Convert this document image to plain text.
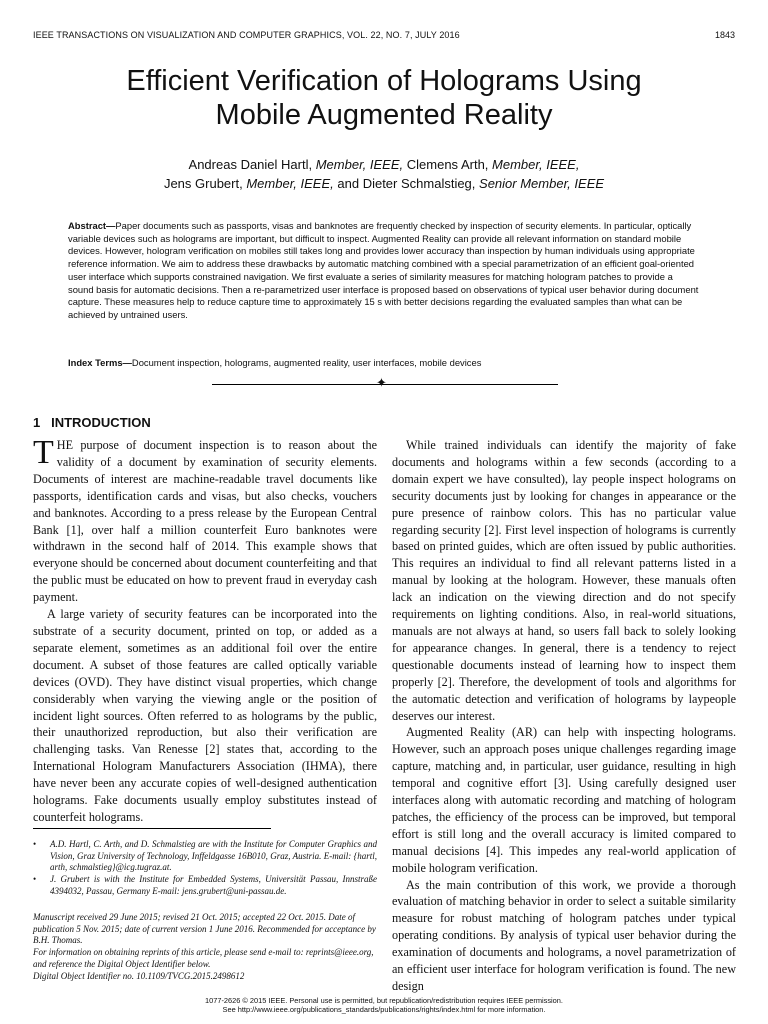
IEEE TRANSACTIONS ON VISUALIZATION AND COMPUTER GRAPHICS, VOL. 22, NO. 7, JULY 2016	1843
Efficient Verification of Holograms Using
Mobile Augmented Reality
Andreas Daniel Hartl, Member, IEEE, Clemens Arth, Member, IEEE,
Jens Grubert, Member, IEEE, and Dieter Schmalstieg, Senior Member, IEEE
Abstract—Paper documents such as passports, visas and banknotes are frequently checked by inspection of security elements. In particular, optically variable devices such as holograms are important, but difficult to inspect. Augmented Reality can provide all relevant information on standard mobile devices. However, hologram verification on mobiles still takes long and provides lower accuracy than inspection by human individuals using appropriate reference information. We aim to address these drawbacks by automatic matching combined with a special parametrization of an efficient goal-oriented user interface which supports constrained navigation. We first evaluate a series of similarity measures for matching hologram patches to provide a sound basis for automatic decisions. Then a re-parametrized user interface is proposed based on observations of typical user behavior during document capture. These measures help to reduce capture time to approximately 15 s with better decisions regarding the evaluated samples than what can be achieved by untrained users.
Index Terms—Document inspection, holograms, augmented reality, user interfaces, mobile devices
✦
1 INTRODUCTION

THE purpose of document inspection is to reason about the validity of a document by examination of security elements. Documents of interest are machine-readable travel documents like passports, identification cards and visas, but also checks, vouchers and banknotes. According to a press release by the European Central Bank [1], over half a million counterfeit Euro banknotes were withdrawn in the second half of 2014. This example shows that everyone should be concerned about document counterfeiting and that the public must be educated on how to prevent fraud in everyday cash payment.

A large variety of security features can be incorporated into the substrate of a security document, printed on top, or added as a separate element, sometimes as an additional foil over the entire document. A subset of those features are called optically variable devices (OVD). They have distinct visual properties, which change considerably when varying the viewing angle or the position of incident light sources. Often referred to as holograms by the public, their unauthorized reproduction, but also their verification are challenging tasks. Van Renesse [2] states that, according to the International Hologram Manufacturers Association (IHMA), there have never been any accurate copies of well-designed authentication holograms. Fake documents usually employ substitutes instead of counterfeit holograms.

While trained individuals can identify the majority of fake documents and holograms within a few seconds (according to a domain expert we have consulted), lay people inspect holograms on security documents just by looking for changes in appearance or the pure presence of rainbow colors. This has no particular value regarding security [2]. First level inspection of holograms is currently based on printed guides, which are often issued by public authorities. This requires an individual to find all relevant patterns listed in a manual by looking at the hologram. However, these manuals often lack an indication on the viewing direction and do not specify requirements on lighting conditions. Also, in real-world situations, manuals are not always at hand, so users fall back to solely looking for appearance changes. In general, there is a tendency to reject questionable documents instead of learning how to inspect them properly [2]. Therefore, the development of tools and algorithms for the automatic detection and verification of holograms by laypeople deserves our interest.

Augmented Reality (AR) can help with inspecting holograms. However, such an approach poses unique challenges regarding image capture, matching and, in particular, user guidance, resulting in high temporal and cognitive effort [3]. Using carefully designed user interfaces along with automatic recording and matching of hologram patches, the efficiency of the process can be improved, but temporal effort is still long and the overall accuracy is limited compared to manual decisions [4]. This impedes any real-world application of mobile hologram verification.

As the main contribution of this work, we provide a thorough evaluation of matching behavior in order to select a suitable similarity measure for robust matching of hologram patches under typical operating conditions. By analysis of typical user behavior during the examination of documents and holograms, a novel parametrization of an efficient user interface for hologram verification is found. The new design

• A.D. Hartl, C. Arth, and D. Schmalstieg are with the Institute for Computer Graphics and Vision, Graz University of Technology, Inffeldgasse 16B010, Graz, Austria. E-mail: {hartl, arth, schmalstieg}@icg.tugraz.at.
• J. Grubert is with the Institute for Embedded Systems, Universität Passau, Innstraße 4394032, Passau, Germany E-mail: jens.grubert@uni-passau.de.
Manuscript received 29 June 2015; revised 21 Oct. 2015; accepted 22 Oct. 2015. Date of publication 5 Nov. 2015; date of current version 1 June 2016. Recommended for acceptance by B.H. Thomas.
For information on obtaining reprints of this article, please send e-mail to: reprints@ieee.org, and reference the Digital Object Identifier below.
Digital Object Identifier no. 10.1109/TVCG.2015.2498612
1077-2626 © 2015 IEEE. Personal use is permitted, but republication/redistribution requires IEEE permission.
See http://www.ieee.org/publications_standards/publications/rights/index.html for more information.
